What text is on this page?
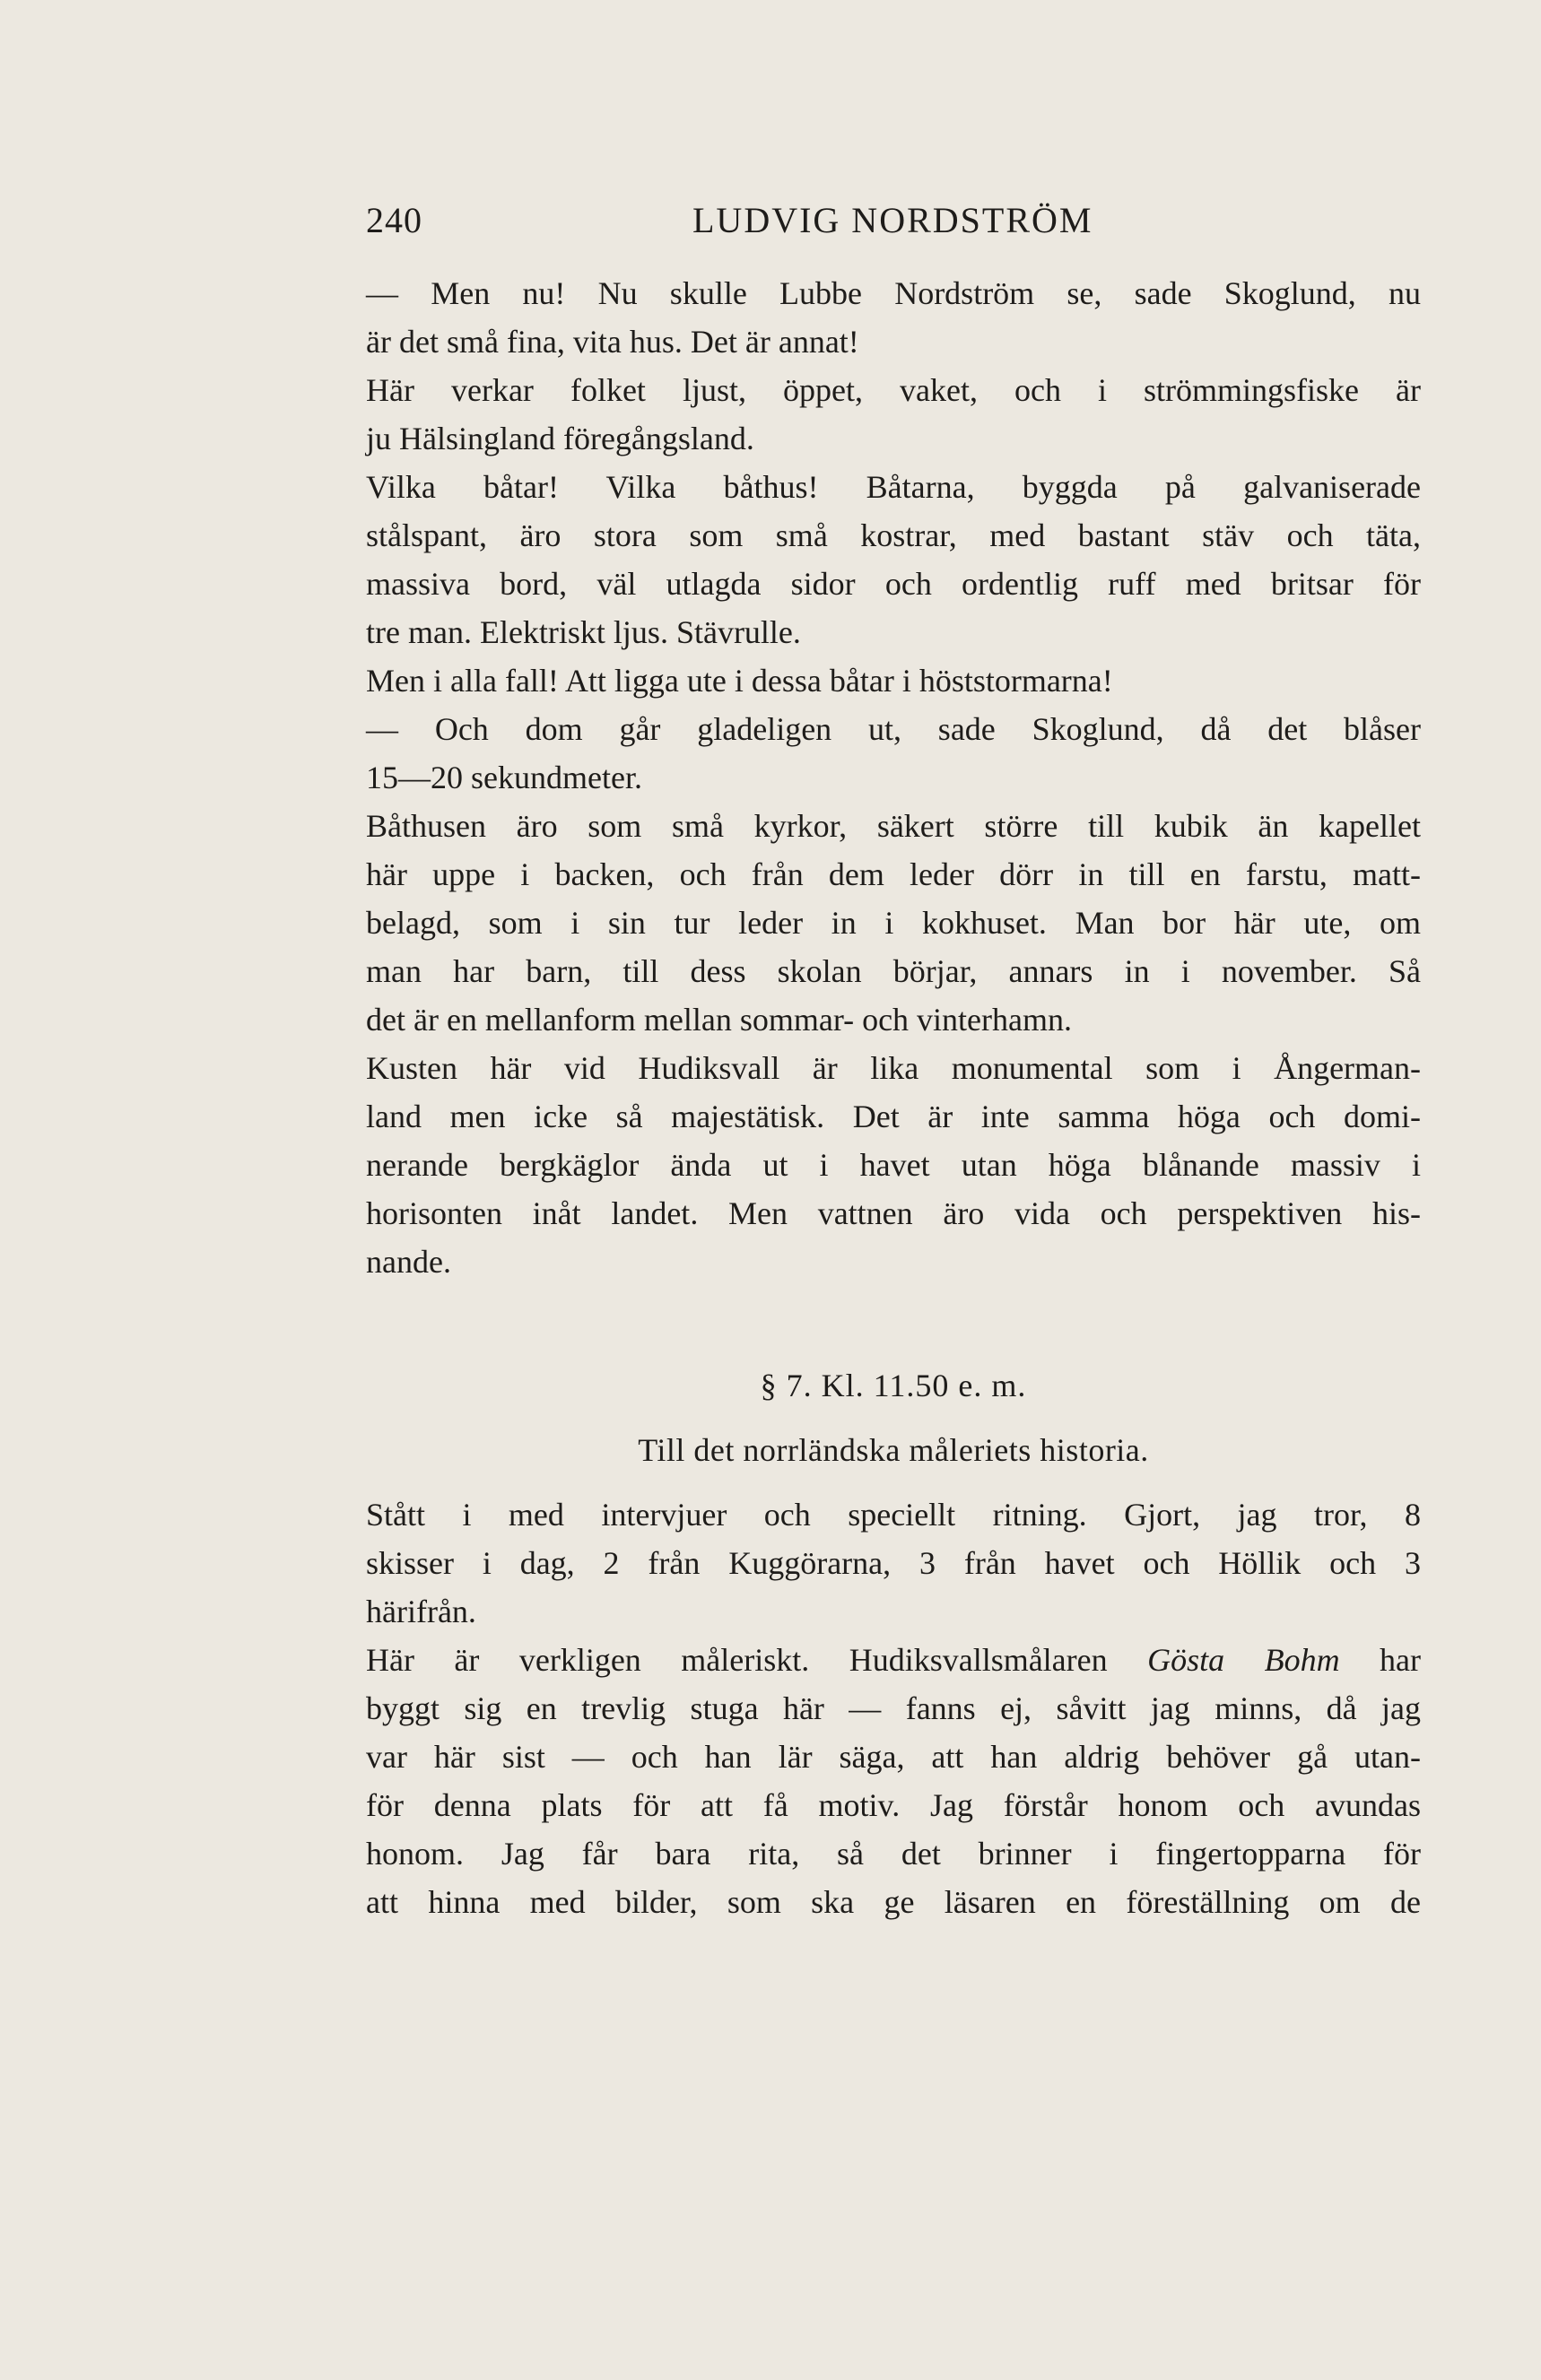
240	LUDVIG NORDSTRÖM
— Men nu! Nu skulle Lubbe Nordström se, sade Skoglund, nu
är det små fina, vita hus. Det är annat!
Här verkar folket ljust, öppet, vaket, och i strömmingsfiske är
ju Hälsingland föregångsland.
Vilka båtar! Vilka båthus! Båtarna, byggda på galvaniserade
stålspant, äro stora som små kostrar, med bastant stäv och täta,
massiva bord, väl utlagda sidor och ordentlig ruff med britsar för
tre man. Elektriskt ljus. Stävrulle.
Men i alla fall! Att ligga ute i dessa båtar i höststormarna!
— Och dom går gladeligen ut, sade Skoglund, då det blåser
15—20 sekundmeter.
Båthusen äro som små kyrkor, säkert större till kubik än kapellet
här uppe i backen, och från dem leder dörr in till en farstu, matt-
belagd, som i sin tur leder in i kokhuset. Man bor här ute, om
man har barn, till dess skolan börjar, annars in i november. Så
det är en mellanform mellan sommar- och vinterhamn.
Kusten här vid Hudiksvall är lika monumental som i Ångerman-
land men icke så majestätisk. Det är inte samma höga och domi-
nerande bergkäglor ända ut i havet utan höga blånande massiv i
horisonten inåt landet. Men vattnen äro vida och perspektiven his-
nande.
§ 7. Kl. 11.50 e. m.
Till det norrländska måleriets historia.
Stått i med intervjuer och speciellt ritning. Gjort, jag tror, 8
skisser i dag, 2 från Kuggörarna, 3 från havet och Höllik och 3
härifrån.
Här är verkligen måleriskt. Hudiksvallsmålaren Gösta Bohm har
byggt sig en trevlig stuga här — fanns ej, såvitt jag minns, då jag
var här sist — och han lär säga, att han aldrig behöver gå utan-
för denna plats för att få motiv. Jag förstår honom och avundas
honom. Jag får bara rita, så det brinner i fingertopparna för
att hinna med bilder, som ska ge läsaren en föreställning om de
